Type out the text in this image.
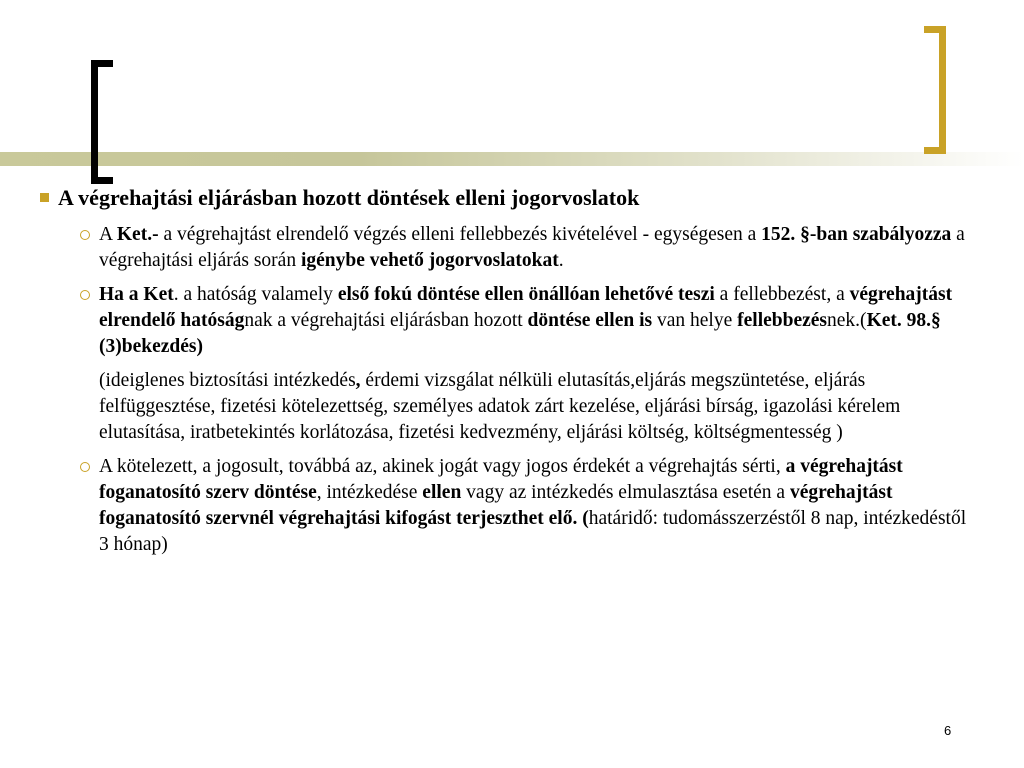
A végrehajtási eljárásban hozott döntések elleni jogorvoslatok
A Ket.- a végrehajtást elrendelő végzés elleni fellebbezés kivételével - egységesen a 152. §-ban szabályozza a végrehajtási eljárás során igénybe vehető jogorvoslatokat.
Ha a Ket. a hatóság valamely első fokú döntése ellen önállóan lehetővé teszi a fellebbezést, a végrehajtást elrendelő hatóságnak a végrehajtási eljárásban hozott döntése ellen is van helye fellebbezésnek.(Ket. 98.§ (3)bekezdés)
(ideiglenes biztosítási intézkedés, érdemi vizsgálat nélküli elutasítás,eljárás megszüntetése, eljárás felfüggesztése, fizetési kötelezettség, személyes adatok zárt kezelése, eljárási bírság, igazolási kérelem elutasítása, iratbetekintés korlátozása, fizetési kedvezmény, eljárási költség, költségmentesség )
A kötelezett, a jogosult, továbbá az, akinek jogát vagy jogos érdekét a végrehajtás sérti, a végrehajtást foganatosító szerv döntése, intézkedése ellen vagy az intézkedés elmulasztása esetén a végrehajtást foganatosító szervnél végrehajtási kifogást terjeszthet elő. (határidő: tudomásszerzéstől 8 nap, intézkedéstől 3 hónap)
6
